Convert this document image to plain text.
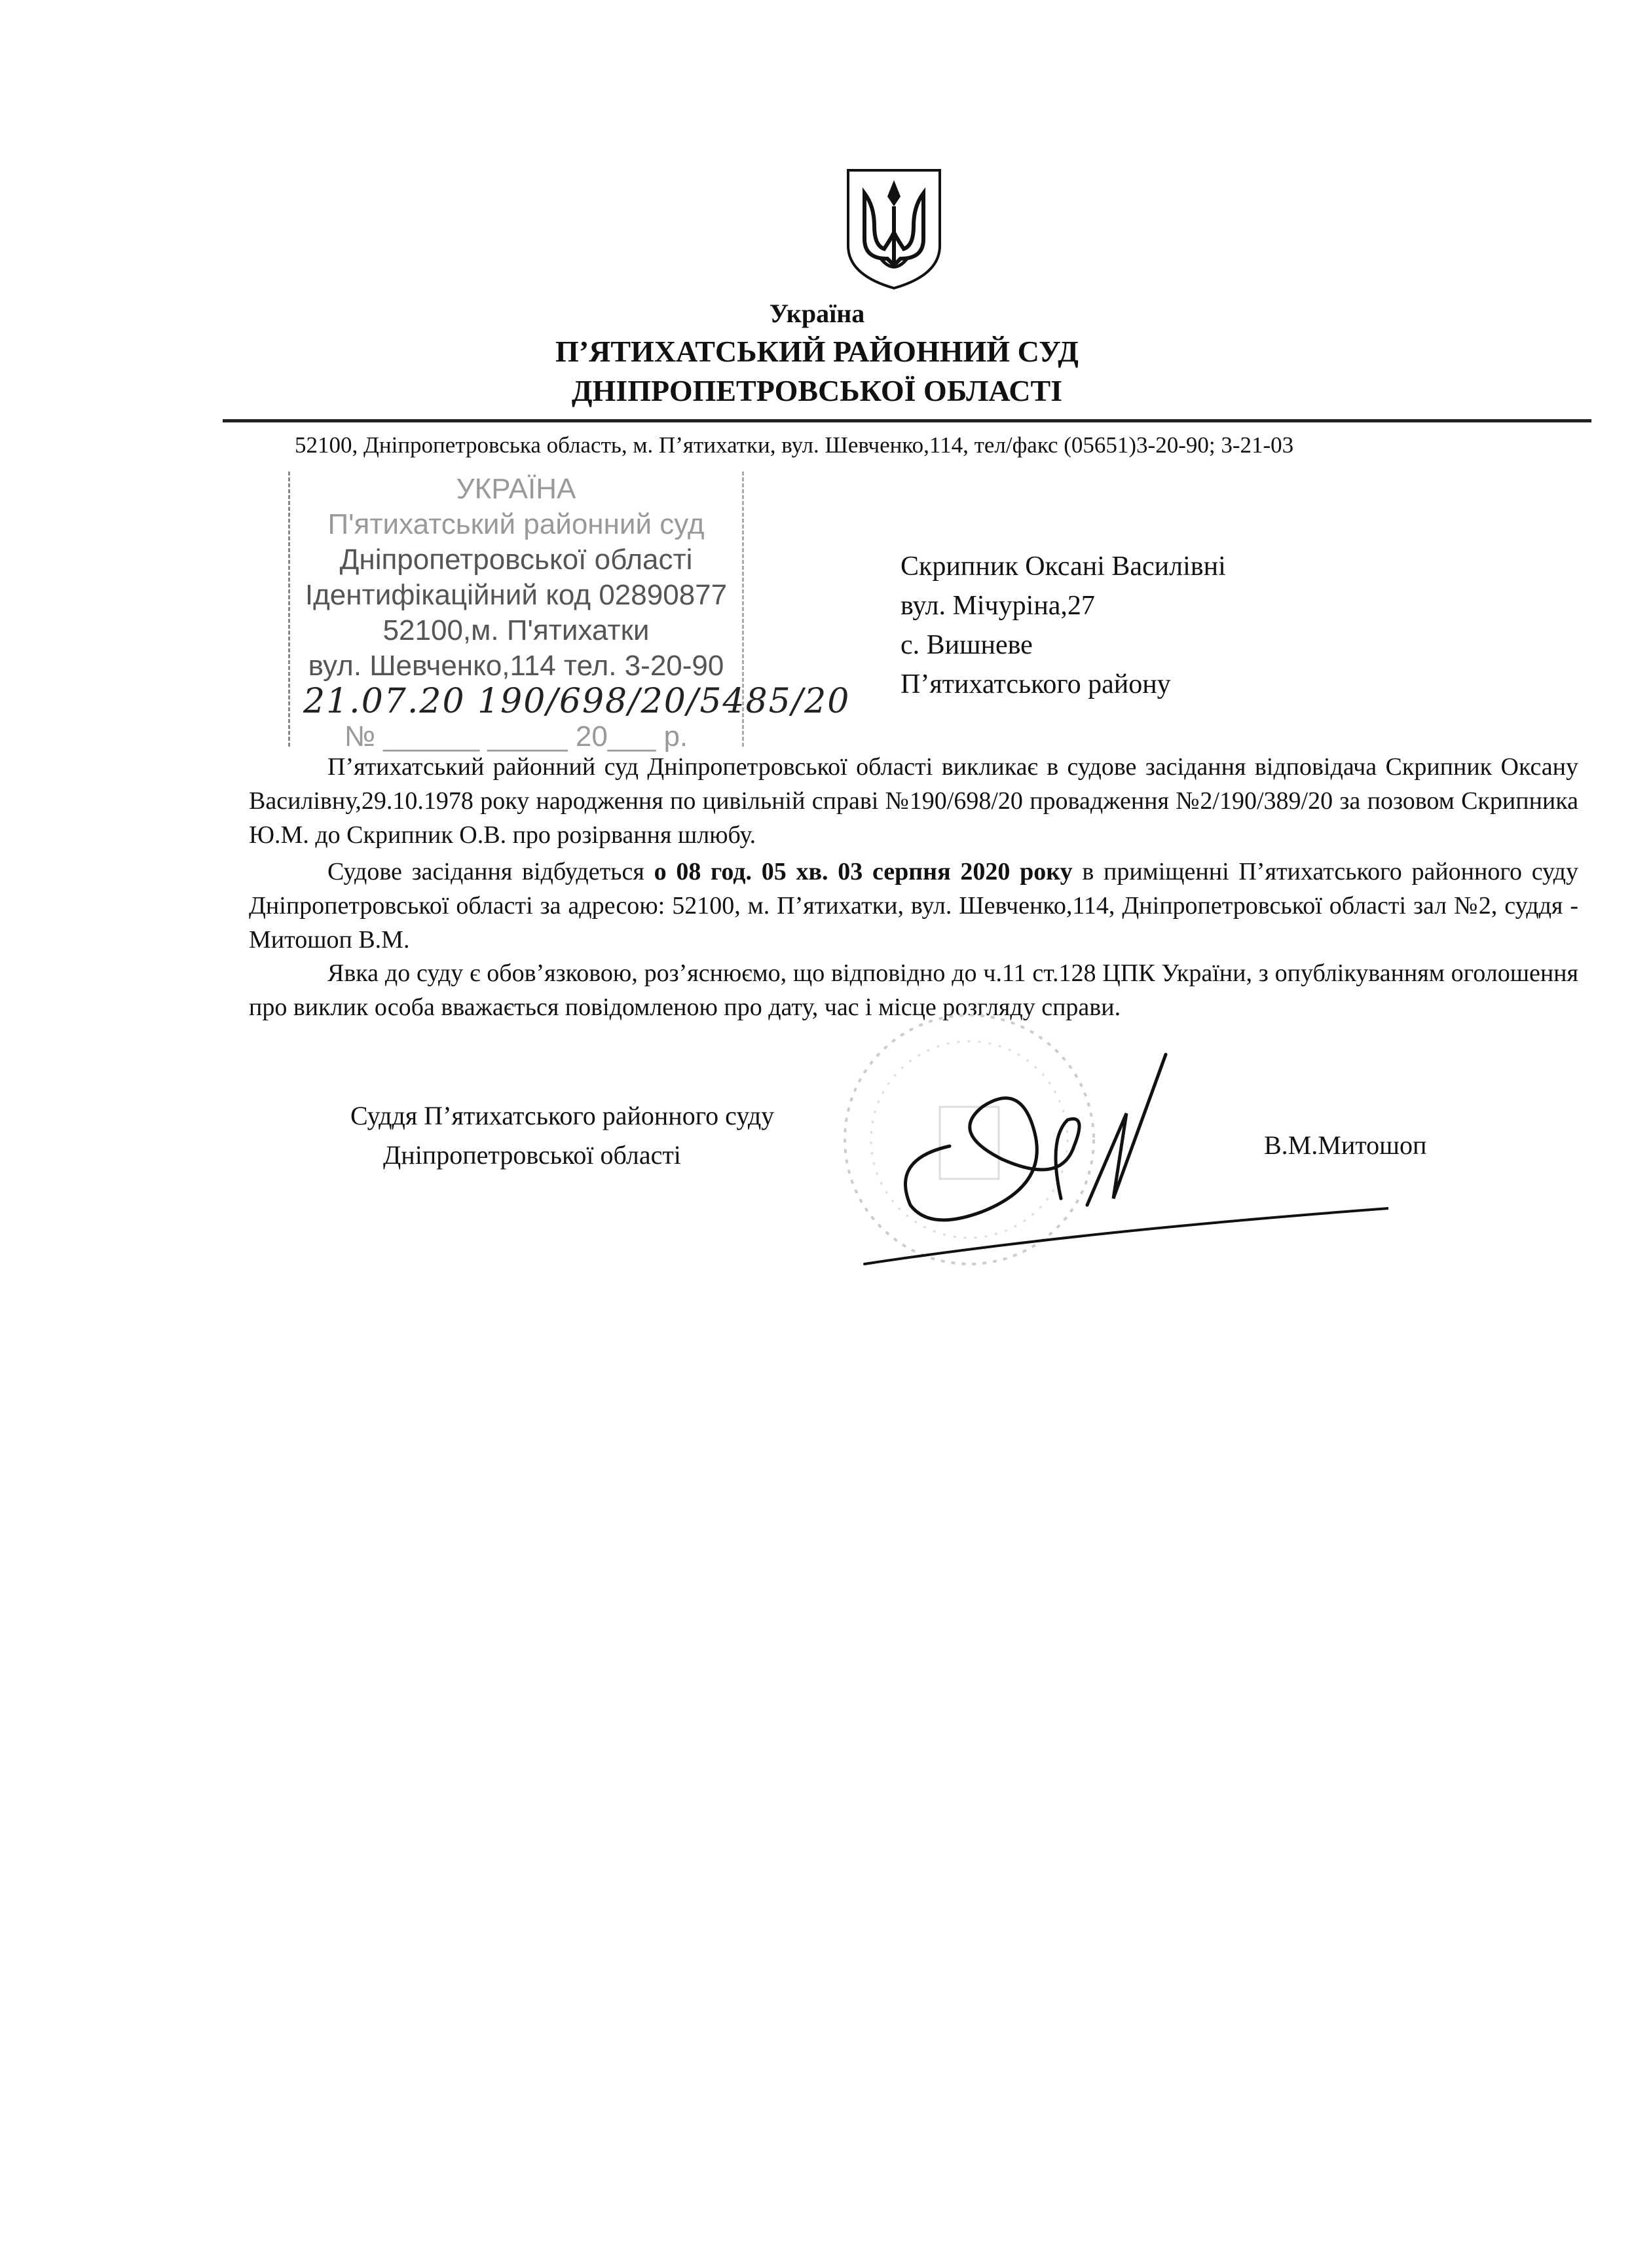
Україна
П’ЯТИХАТСЬКИЙ РАЙОННИЙ СУД
ДНІПРОПЕТРОВСЬКОЇ ОБЛАСТІ
52100, Дніпропетровська область, м. П’ятихатки, вул. Шевченко,114, тел/факс (05651)3-20-90; 3-21-03
УКРАЇНА
П'ятихатський районний суд
Дніпропетровської області
Ідентифікаційний код 02890877
52100,м. П'ятихатки
вул. Шевченко,114 тел. 3-20-90
21.07.20 190/698/20/5485/20
№ ______ _____ 20___ р.
Скрипник Оксані Василівні
вул. Мічуріна,27
с. Вишневе
П’ятихатського району

П’ятихатський районний суд Дніпропетровської області викликає в судове засідання відповідача Скрипник Оксану Василівну,29.10.1978 року народження по цивільній справі №190/698/20 провадження №2/190/389/20 за позовом Скрипника Ю.М. до Скрипник О.В. про розірвання шлюбу.

Судове засідання відбудеться о 08 год. 05 хв. 03 серпня 2020 року в приміщенні П’ятихатського районного суду Дніпропетровської області за адресою: 52100, м. П’ятихатки, вул. Шевченко,114, Дніпропетровської області зал №2, суддя - Митошоп В.М.

Явка до суду є обов’язковою, роз’яснюємо, що відповідно до ч.11 ст.128 ЦПК України, з опублікуванням оголошення про виклик особа вважається повідомленою про дату, час і місце розгляду справи.

Суддя П’ятихатського районного суду
Дніпропетровської області	В.М.Митошоп
